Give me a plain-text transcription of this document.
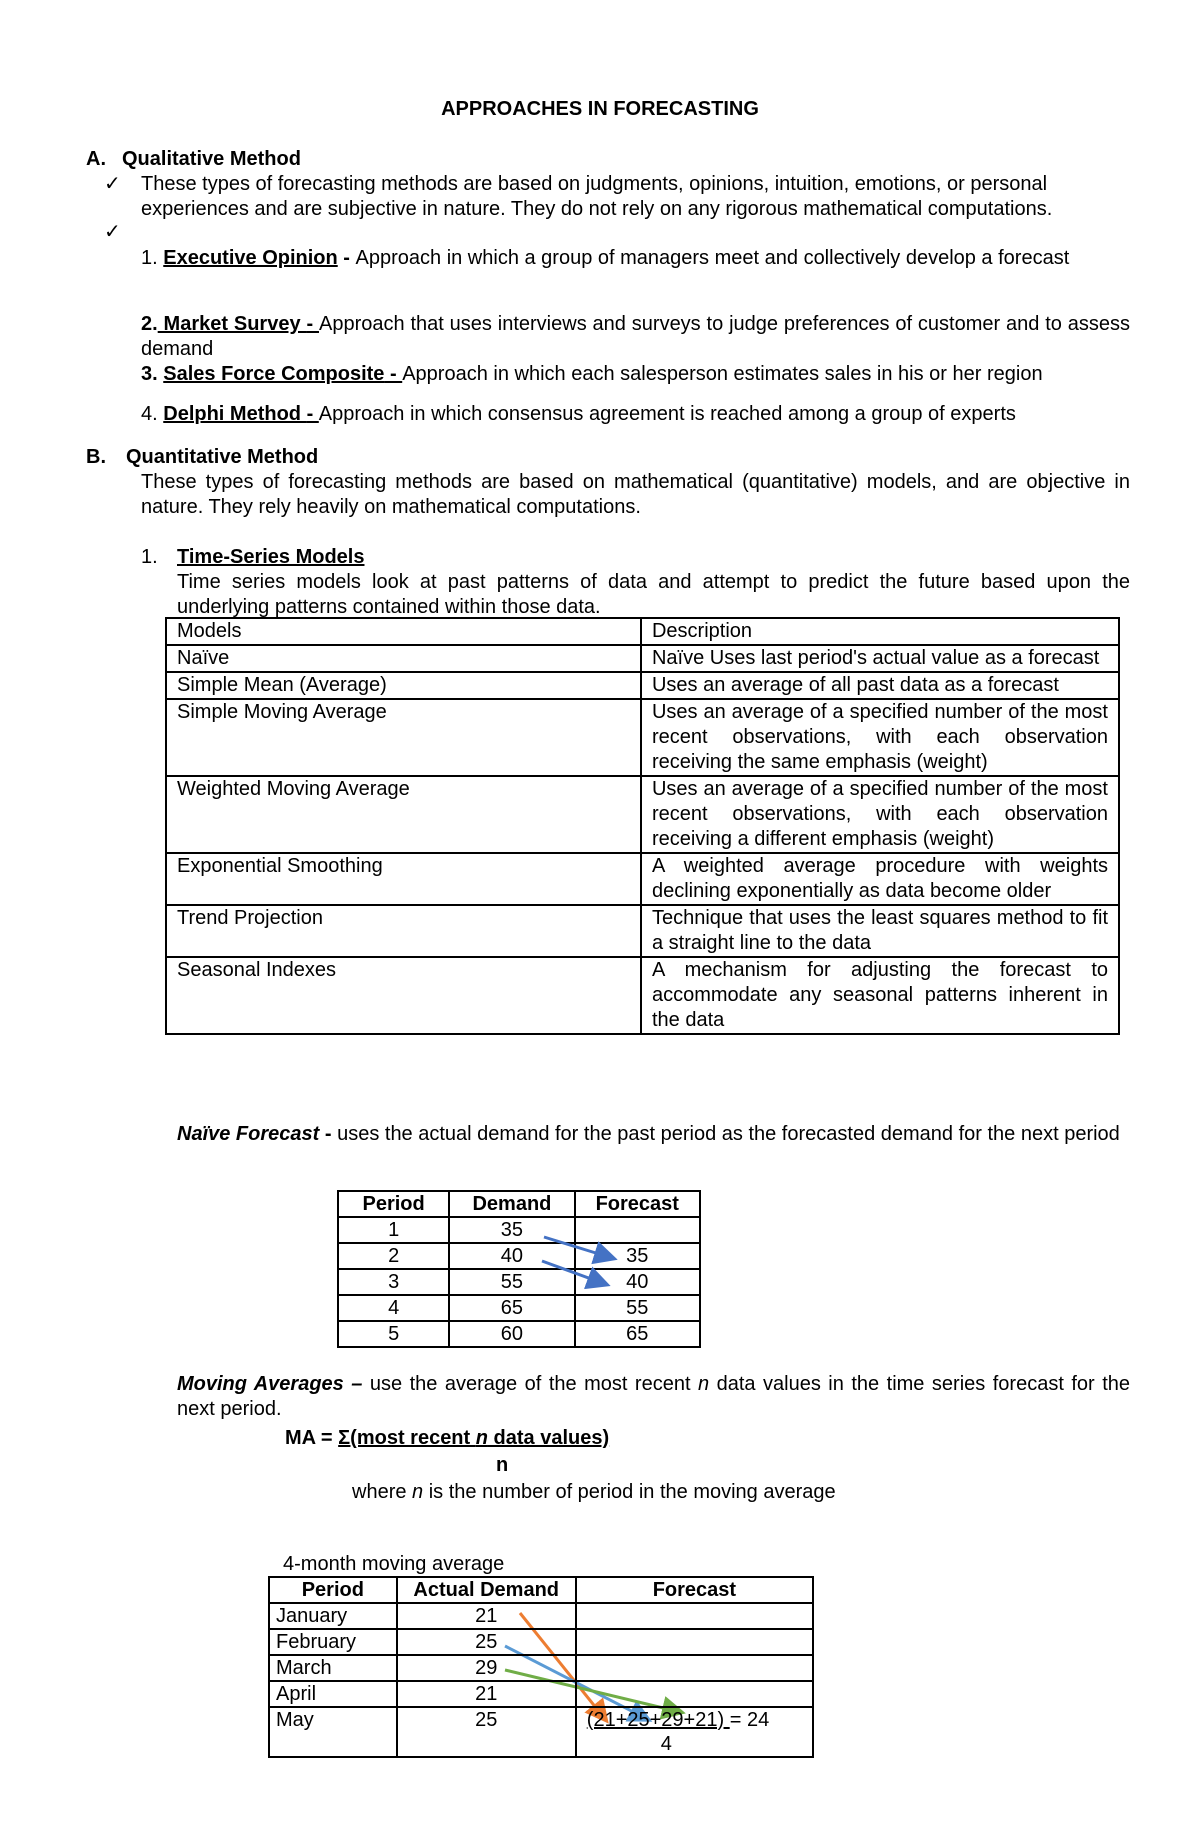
APPROACHES IN FORECASTING
A. Qualitative Method
✓ These types of forecasting methods are based on judgments, opinions, intuition, emotions, or personal experiences and are subjective in nature. They do not rely on any rigorous mathematical computations.
✓
1. Executive Opinion - Approach in which a group of managers meet and collectively develop a forecast
2. Market Survey - Approach that uses interviews and surveys to judge preferences of customer and to assess demand
3. Sales Force Composite - Approach in which each salesperson estimates sales in his or her region
4. Delphi Method - Approach in which consensus agreement is reached among a group of experts
B. Quantitative Method
These types of forecasting methods are based on mathematical (quantitative) models, and are objective in nature. They rely heavily on mathematical computations.
1. Time-Series Models
Time series models look at past patterns of data and attempt to predict the future based upon the underlying patterns contained within those data.
Models	Description
Naïve	Naïve Uses last period's actual value as a forecast
Simple Mean (Average)	Uses an average of all past data as a forecast
Simple Moving Average	Uses an average of a specified number of the most recent observations, with each observation receiving the same emphasis (weight)
Weighted Moving Average	Uses an average of a specified number of the most recent observations, with each observation receiving a different emphasis (weight)
Exponential Smoothing	A weighted average procedure with weights declining exponentially as data become older
Trend Projection	Technique that uses the least squares method to fit a straight line to the data
Seasonal Indexes	A mechanism for adjusting the forecast to accommodate any seasonal patterns inherent in the data
Naïve Forecast - uses the actual demand for the past period as the forecasted demand for the next period
Period	Demand	Forecast
1	35	
2	40	35
3	55	40
4	65	55
5	60	65
Moving Averages – use the average of the most recent n data values in the time series forecast for the next period.
MA = Σ(most recent n data values)
n
where n is the number of period in the moving average
4-month moving average
Period	Actual Demand	Forecast
January	21	
February	25	
March	29	
April	21	
May	25	(21+25+29+21) = 24
4
